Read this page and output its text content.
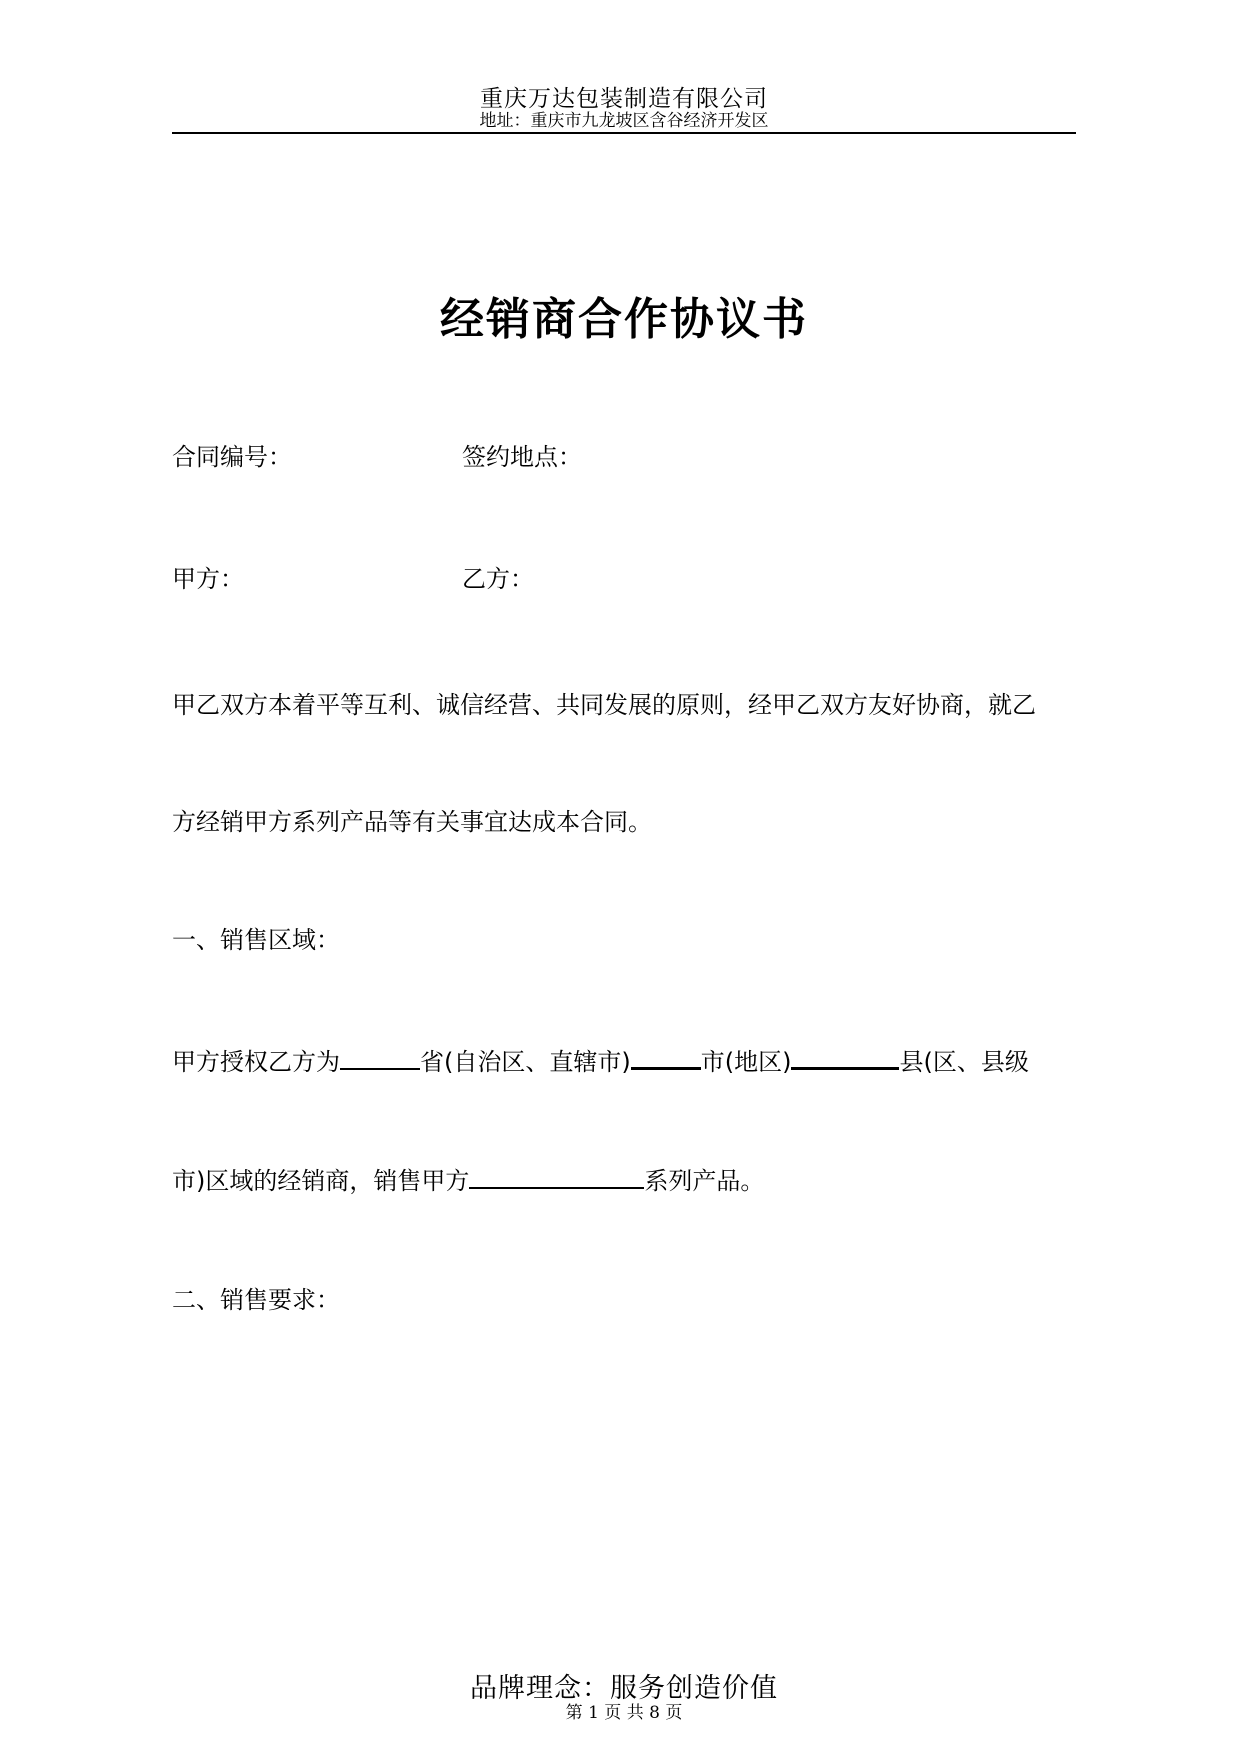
重庆万达包装制造有限公司
地址：重庆市九龙坡区含谷经济开发区
经销商合作协议书
合同编号：	签约地点：
甲方：	乙方：
甲乙双方本着平等互利、诚信经营、共同发展的原则，经甲乙双方友好协商，就乙
方经销甲方系列产品等有关事宜达成本合同。
一、销售区域：
甲方授权乙方为	省(自治区、直辖市)	市(地区)	县(区、县级
市)区域的经销商，销售甲方	系列产品。
二、销售要求：
品牌理念：服务创造价值
第 1 页 共 8 页
